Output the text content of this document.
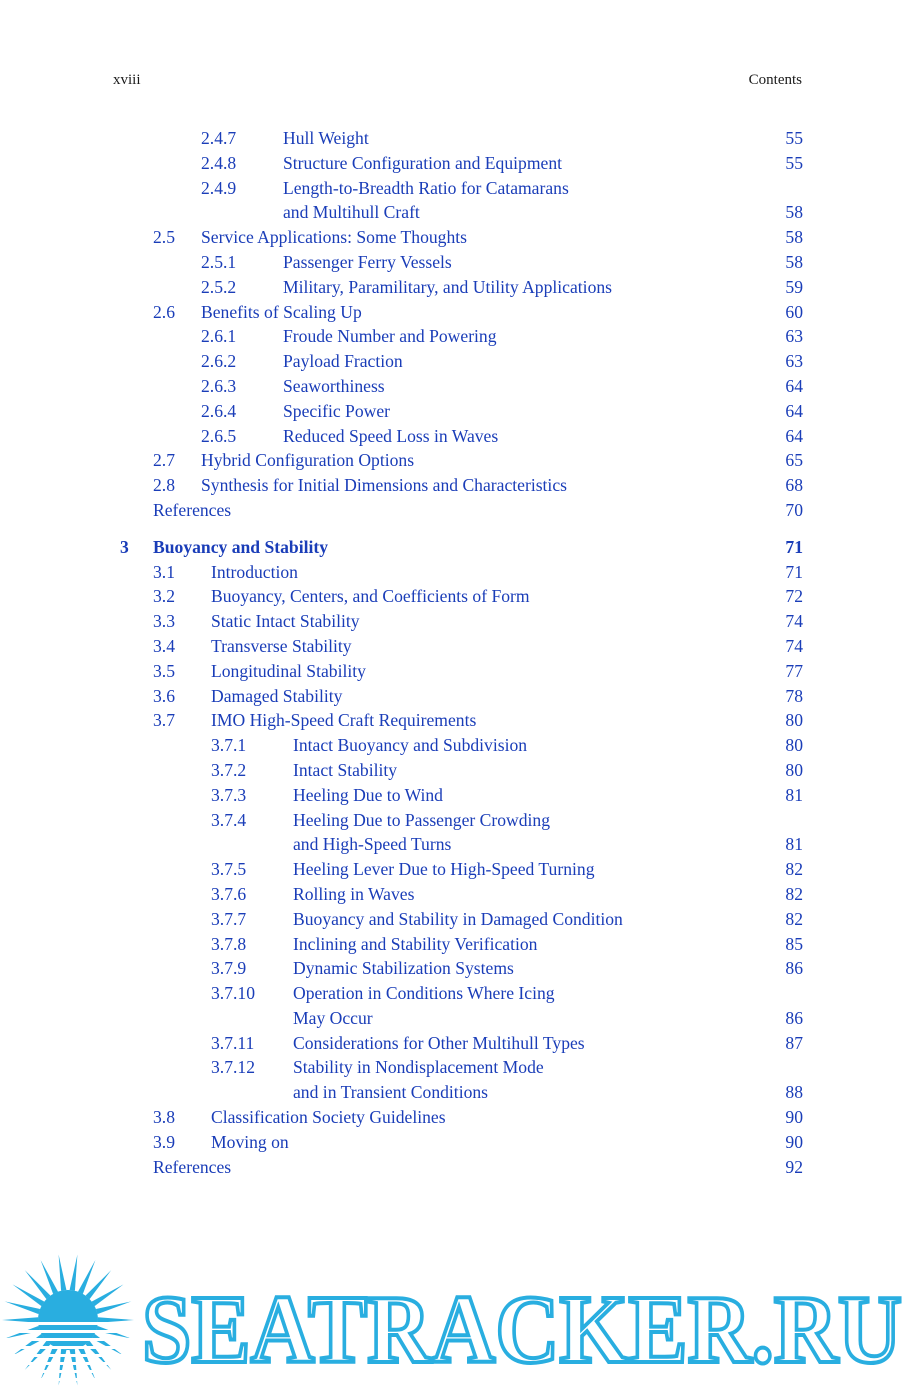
xviii	Contents
2.4.7 . . .	Hull Weight	55
2.4.8 . . .	Structure Configuration and Equipment	55
2.4.9	Length-to-Breadth Ratio for Catamarans
. . .
and Multihull Craft	58
2.5 . . . Service Applications: Some Thoughts	58
2.5.1 . . .	Passenger Ferry Vessels	58
2.5.2 . . .	Military, Paramilitary, and Utility Applications	59
2.6 . . . Benefits of Scaling Up	60
2.6.1 . . .	Froude Number and Powering	63
2.6.2 . . .	Payload Fraction	63
2.6.3 . . .	Seaworthiness	64
2.6.4 . . .	Specific Power	64
2.6.5 . . .	Reduced Speed Loss in Waves	64
2.7 . . . Hybrid Configuration Options	65
2.8 . . . Synthesis for Initial Dimensions and Characteristics	68
. . .
References	70
3 . . . Buoyancy and Stability	71
3.1 . . . Introduction	71
3.2 . . . Buoyancy, Centers, and Coefficients of Form	72
3.3 . . . Static Intact Stability	74
3.4 . . . Transverse Stability	74
3.5 . . . Longitudinal Stability	77
3.6 . . . Damaged Stability	78
3.7 . . . IMO High-Speed Craft Requirements	80
3.7.1 . . .	Intact Buoyancy and Subdivision	80
3.7.2 . . .	Intact Stability	80
3.7.3 . . .	Heeling Due to Wind	81
3.7.4	Heeling Due to Passenger Crowding
. . .
and High-Speed Turns	81
3.7.5 . . .	Heeling Lever Due to High-Speed Turning	82
3.7.6 . . .	Rolling in Waves	82
3.7.7 . . .	Buoyancy and Stability in Damaged Condition	82
3.7.8 . . .	Inclining and Stability Verification	85
3.7.9 . . .	Dynamic Stabilization Systems	86
3.7.10 Operation in Conditions Where Icing
. . .
May Occur	86
3.7.11 . . . Considerations for Other Multihull Types	87
3.7.12 Stability in Nondisplacement Mode
. . .
and in Transient Conditions	88
3.8 . . . Classification Society Guidelines	90
3.9 . . . Moving on	90
. . .
References	92
SEATRACKER.RU
